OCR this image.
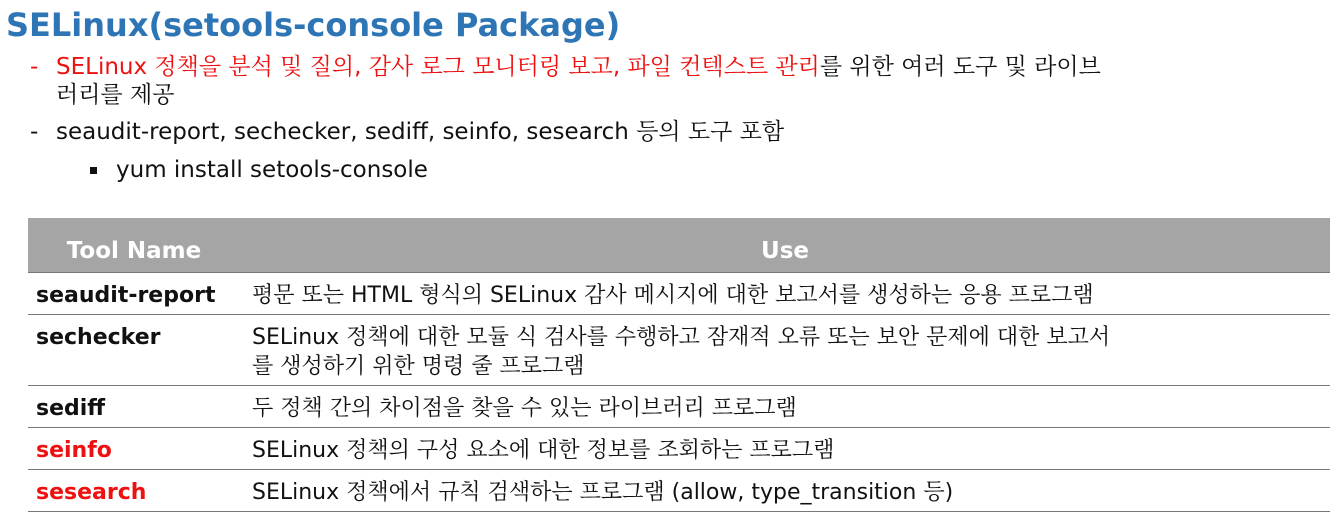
SELinux(setools-console Package)
- SELinux 정책을 분석 및 질의, 감사 로그 모니터링 보고, 파일 컨텍스트 관리를 위한 여러 도구 및 라이브
러리를 제공
- seaudit-report, sechecker, sediff, seinfo, sesearch 등의 도구 포함
yum install setools-console
Tool Name	Use

seaudit-report	평문 또는 HTML 형식의 SELinux 감사 메시지에 대한 보고서를 생성하는 응용 프로그램
sechecker	SELinux 정책에 대한 모듈 식 검사를 수행하고 잠재적 오류 또는 보안 문제에 대한 보고서
를 생성하기 위한 명령 줄 프로그램

sediff	두 정책 간의 차이점을 찾을 수 있는 라이브러리 프로그램
seinfo	SELinux 정책의 구성 요소에 대한 정보를 조회하는 프로그램
sesearch	SELinux 정책에서 규칙 검색하는 프로그램 (allow, type_transition 등)
